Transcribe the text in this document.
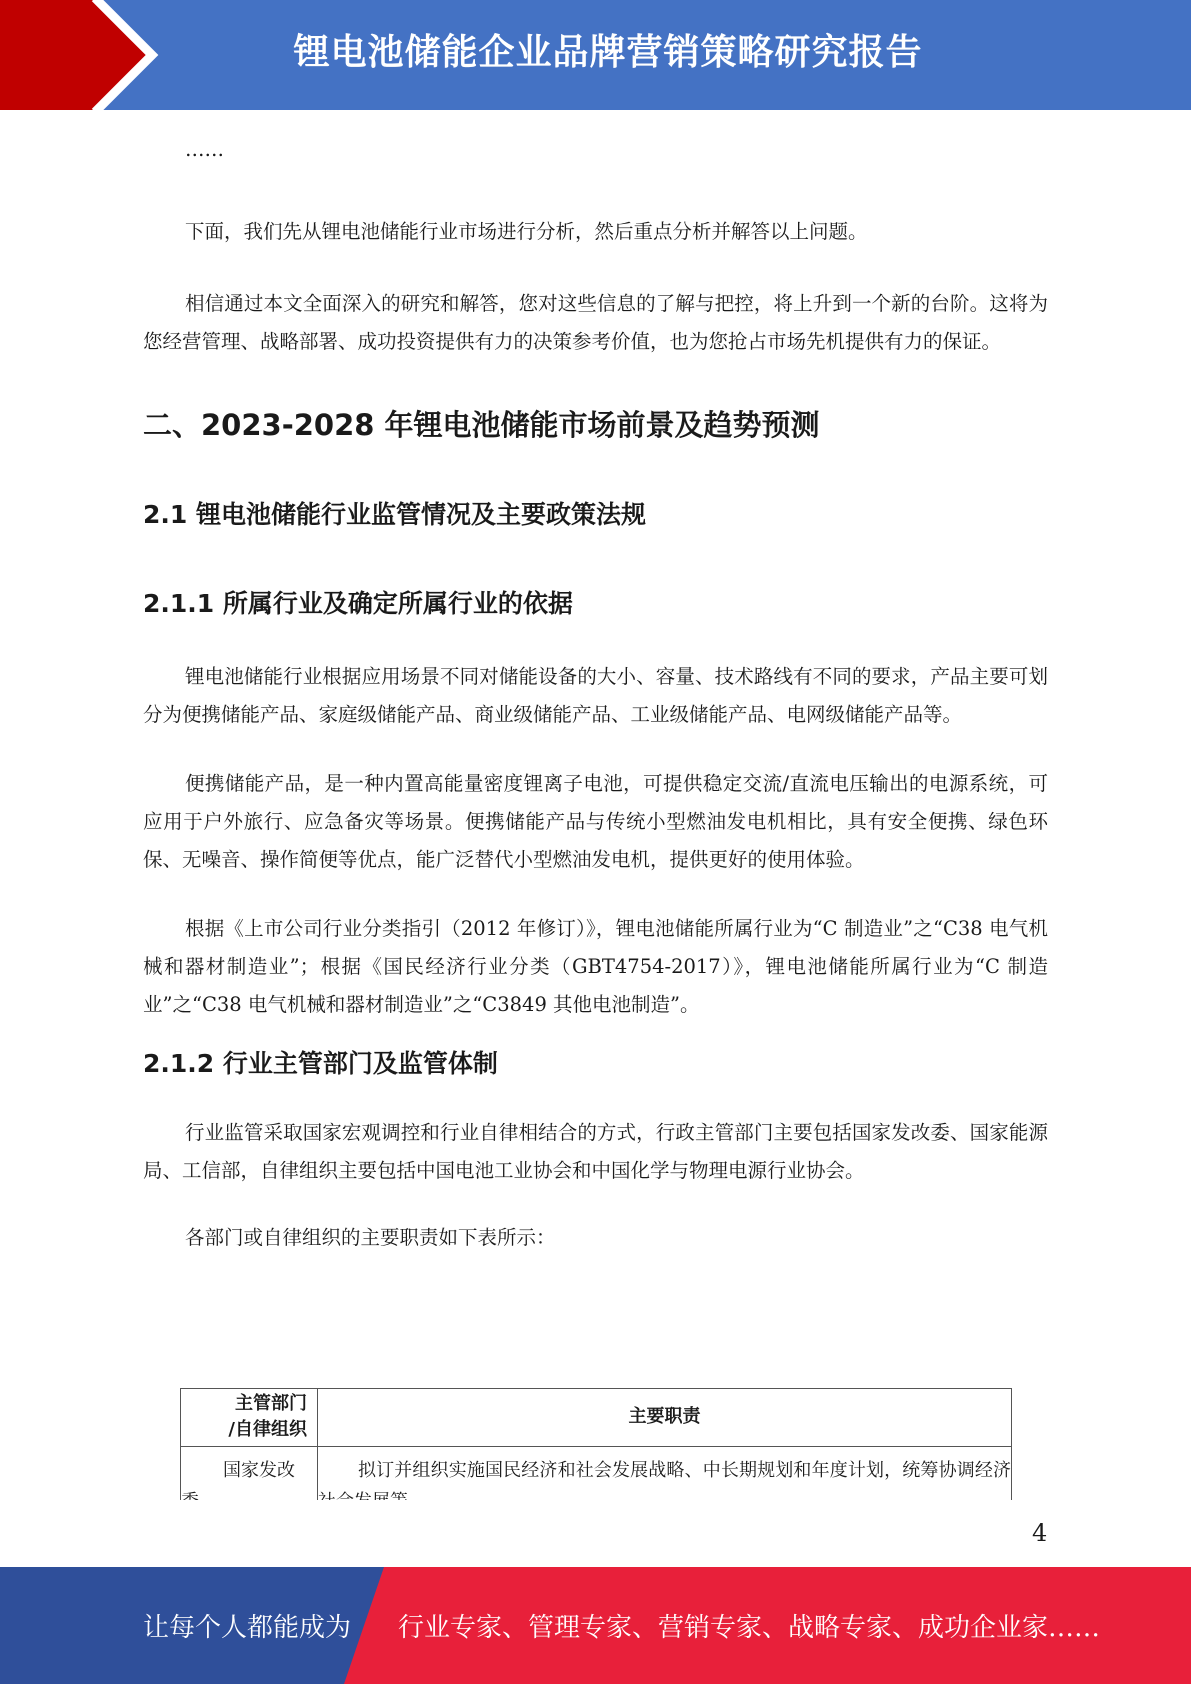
锂电池储能企业品牌营销策略研究报告

……

下面，我们先从锂电池储能行业市场进行分析，然后重点分析并解答以上问题。

相信通过本文全面深入的研究和解答，您对这些信息的了解与把控，将上升到一个新的台阶。这将为您经营管理、战略部署、成功投资提供有力的决策参考价值，也为您抢占市场先机提供有力的保证。

二、2023-2028 年锂电池储能市场前景及趋势预测
2.1 锂电池储能行业监管情况及主要政策法规
2.1.1 所属行业及确定所属行业的依据

锂电池储能行业根据应用场景不同对储能设备的大小、容量、技术路线有不同的要求，产品主要可划分为便携储能产品、家庭级储能产品、商业级储能产品、工业级储能产品、电网级储能产品等。

便携储能产品，是一种内置高能量密度锂离子电池，可提供稳定交流/直流电压输出的电源系统，可应用于户外旅行、应急备灾等场景。便携储能产品与传统小型燃油发电机相比，具有安全便携、绿色环保、无噪音、操作简便等优点，能广泛替代小型燃油发电机，提供更好的使用体验。

根据《上市公司行业分类指引（2012 年修订）》，锂电池储能所属行业为“C 制造业”之“C38 电气机械和器材制造业”；根据《国民经济行业分类（GBT4754-2017）》，锂电池储能所属行业为“C 制造业”之“C38 电气机械和器材制造业”之“C3849 其他电池制造”。

2.1.2 行业主管部门及监管体制

行业监管采取国家宏观调控和行业自律相结合的方式，行政主管部门主要包括国家发改委、国家能源局、工信部，自律组织主要包括中国电池工业协会和中国化学与物理电源行业协会。

各部门或自律组织的主要职责如下表所示：

主管部门
/自律组织	主要职责

国家发改	拟订并组织实施国民经济和社会发展战略、中长期规划和年度计划，统筹协调经济
4
让每个人都能成为 行业专家、管理专家、营销专家、战略专家、成功企业家……
